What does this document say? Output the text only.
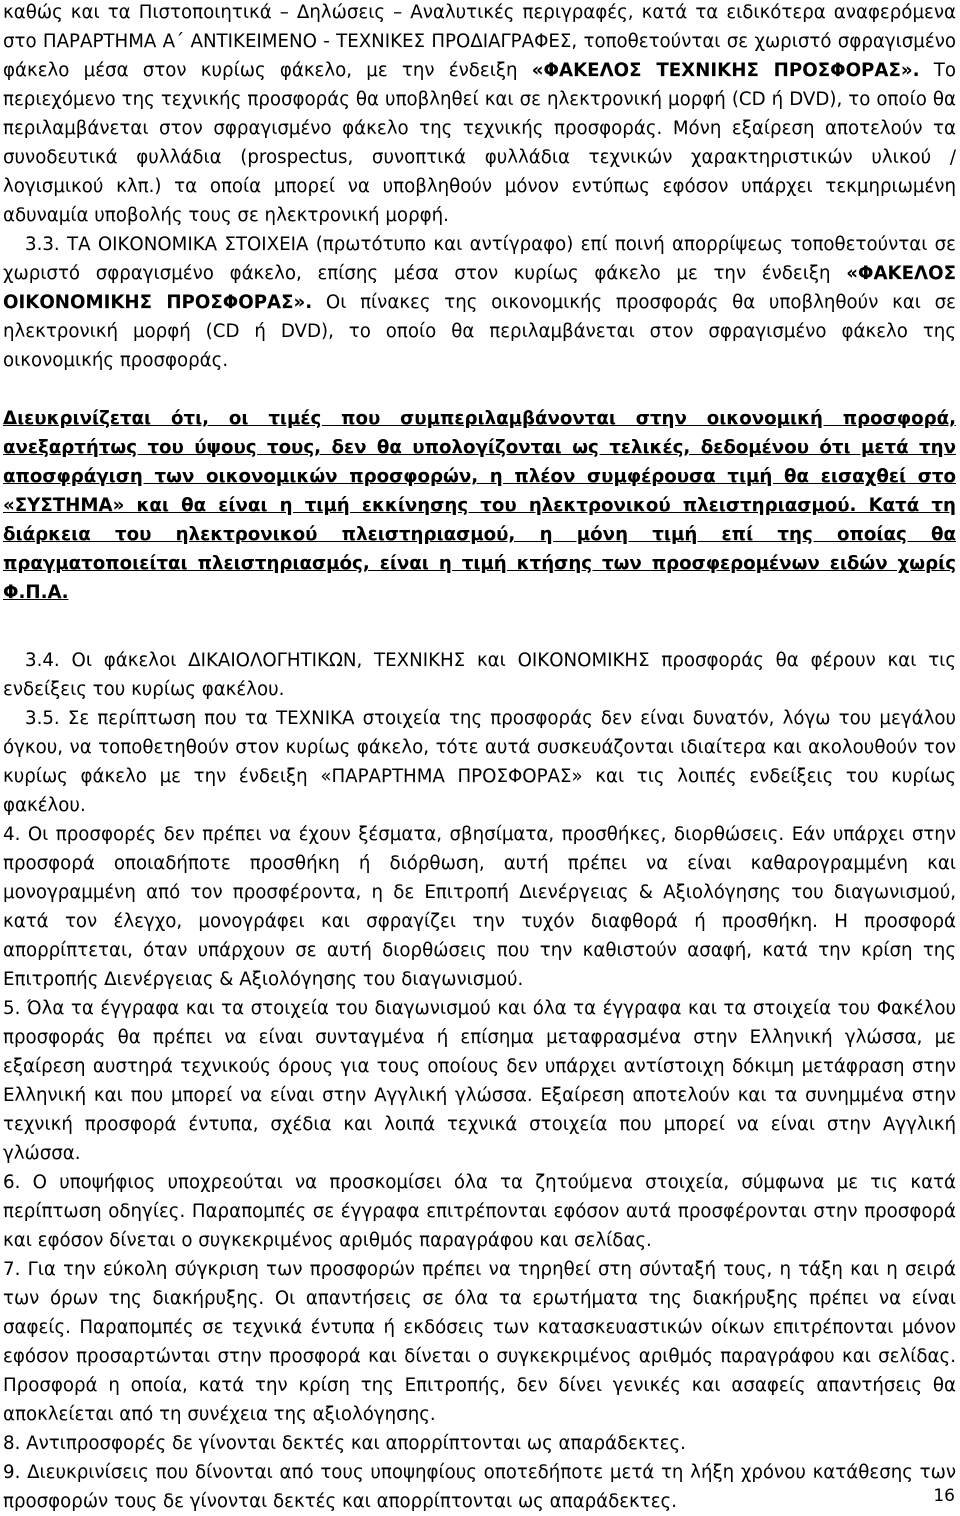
καθώς και τα Πιστοποιητικά – Δηλώσεις – Αναλυτικές περιγραφές, κατά τα ειδικότερα αναφερόμενα στο ΠΑΡΑΡΤΗΜΑ Α΄ ΑΝΤΙΚΕΙΜΕΝΟ - ΤΕΧΝΙΚΕΣ ΠΡΟΔΙΑΓΡΑΦΕΣ, τοποθετούνται σε χωριστό σφραγισμένο φάκελο μέσα στον κυρίως φάκελο, με την ένδειξη «ΦΑΚΕΛΟΣ ΤΕΧΝΙΚΗΣ ΠΡΟΣΦΟΡΑΣ». Το περιεχόμενο της τεχνικής προσφοράς θα υποβληθεί και σε ηλεκτρονική μορφή (CD ή DVD), το οποίο θα περιλαμβάνεται στον σφραγισμένο φάκελο της τεχνικής προσφοράς. Μόνη εξαίρεση αποτελούν τα συνοδευτικά φυλλάδια (prospectus, συνοπτικά φυλλάδια τεχνικών χαρακτηριστικών υλικού / λογισμικού κλπ.) τα οποία μπορεί να υποβληθούν μόνον εντύπως εφόσον υπάρχει τεκμηριωμένη αδυναμία υποβολής τους σε ηλεκτρονική μορφή.

3.3. ΤΑ ΟΙΚΟΝΟΜΙΚΑ ΣΤΟΙΧΕΙΑ (πρωτότυπο και αντίγραφο) επί ποινή απορρίψεως τοποθετούνται σε χωριστό σφραγισμένο φάκελο, επίσης μέσα στον κυρίως φάκελο με την ένδειξη «ΦΑΚΕΛΟΣ ΟΙΚΟΝΟΜΙΚΗΣ ΠΡΟΣΦΟΡΑΣ». Οι πίνακες της οικονομικής προσφοράς θα υποβληθούν και σε ηλεκτρονική μορφή (CD ή DVD), το οποίο θα περιλαμβάνεται στον σφραγισμένο φάκελο της οικονομικής προσφοράς.

Διευκρινίζεται ότι, οι τιμές που συμπεριλαμβάνονται στην οικονομική προσφορά, ανεξαρτήτως του ύψους τους, δεν θα υπολογίζονται ως τελικές, δεδομένου ότι μετά την αποσφράγιση των οικονομικών προσφορών, η πλέον συμφέρουσα τιμή θα εισαχθεί στο «ΣΥΣΤΗΜΑ» και θα είναι η τιμή εκκίνησης του ηλεκτρονικού πλειστηριασμού. Κατά τη διάρκεια του ηλεκτρονικού πλειστηριασμού, η μόνη τιμή επί της οποίας θα πραγματοποιείται πλειστηριασμός, είναι η τιμή κτήσης των προσφερομένων ειδών χωρίς Φ.Π.Α.

3.4. Οι φάκελοι ΔΙΚΑΙΟΛΟΓΗΤΙΚΩΝ, ΤΕΧΝΙΚΗΣ και ΟΙΚΟΝΟΜΙΚΗΣ προσφοράς θα φέρουν και τις ενδείξεις του κυρίως φακέλου.

3.5. Σε περίπτωση που τα ΤΕΧΝΙΚΑ στοιχεία της προσφοράς δεν είναι δυνατόν, λόγω του μεγάλου όγκου, να τοποθετηθούν στον κυρίως φάκελο, τότε αυτά συσκευάζονται ιδιαίτερα και ακολουθούν τον κυρίως φάκελο με την ένδειξη «ΠΑΡΑΡΤΗΜΑ ΠΡΟΣΦΟΡΑΣ» και τις λοιπές ενδείξεις του κυρίως φακέλου.

4. Οι προσφορές δεν πρέπει να έχουν ξέσματα, σβησίματα, προσθήκες, διορθώσεις. Εάν υπάρχει στην προσφορά οποιαδήποτε προσθήκη ή διόρθωση, αυτή πρέπει να είναι καθαρογραμμένη και μονογραμμένη από τον προσφέροντα, η δε Επιτροπή Διενέργειας & Αξιολόγησης του διαγωνισμού, κατά τον έλεγχο, μονογράφει και σφραγίζει την τυχόν διαφθορά ή προσθήκη. Η προσφορά απορρίπτεται, όταν υπάρχουν σε αυτή διορθώσεις που την καθιστούν ασαφή, κατά την κρίση της Επιτροπής Διενέργειας & Αξιολόγησης του διαγωνισμού.

5. Όλα τα έγγραφα και τα στοιχεία του διαγωνισμού και όλα τα έγγραφα και τα στοιχεία του Φακέλου προσφοράς θα πρέπει να είναι συνταγμένα ή επίσημα μεταφρασμένα στην Ελληνική γλώσσα, με εξαίρεση αυστηρά τεχνικούς όρους για τους οποίους δεν υπάρχει αντίστοιχη δόκιμη μετάφραση στην Ελληνική και που μπορεί να είναι στην Αγγλική γλώσσα. Εξαίρεση αποτελούν και τα συνημμένα στην τεχνική προσφορά έντυπα, σχέδια και λοιπά τεχνικά στοιχεία που μπορεί να είναι στην Αγγλική γλώσσα.

6. Ο υποψήφιος υποχρεούται να προσκομίσει όλα τα ζητούμενα στοιχεία, σύμφωνα με τις κατά περίπτωση οδηγίες. Παραπομπές σε έγγραφα επιτρέπονται εφόσον αυτά προσφέρονται στην προσφορά και εφόσον δίνεται ο συγκεκριμένος αριθμός παραγράφου και σελίδας.

7. Για την εύκολη σύγκριση των προσφορών πρέπει να τηρηθεί στη σύνταξή τους, η τάξη και η σειρά των όρων της διακήρυξης. Οι απαντήσεις σε όλα τα ερωτήματα της διακήρυξης πρέπει να είναι σαφείς. Παραπομπές σε τεχνικά έντυπα ή εκδόσεις των κατασκευαστικών οίκων επιτρέπονται μόνον εφόσον προσαρτώνται στην προσφορά και δίνεται ο συγκεκριμένος αριθμός παραγράφου και σελίδας. Προσφορά η οποία, κατά την κρίση της Επιτροπής, δεν δίνει γενικές και ασαφείς απαντήσεις θα αποκλείεται από τη συνέχεια της αξιολόγησης.

8. Αντιπροσφορές δε γίνονται δεκτές και απορρίπτονται ως απαράδεκτες.

9. Διευκρινίσεις που δίνονται από τους υποψηφίους οποτεδήποτε μετά τη λήξη χρόνου κατάθεσης των προσφορών τους δε γίνονται δεκτές και απορρίπτονται ως απαράδεκτες.	16
